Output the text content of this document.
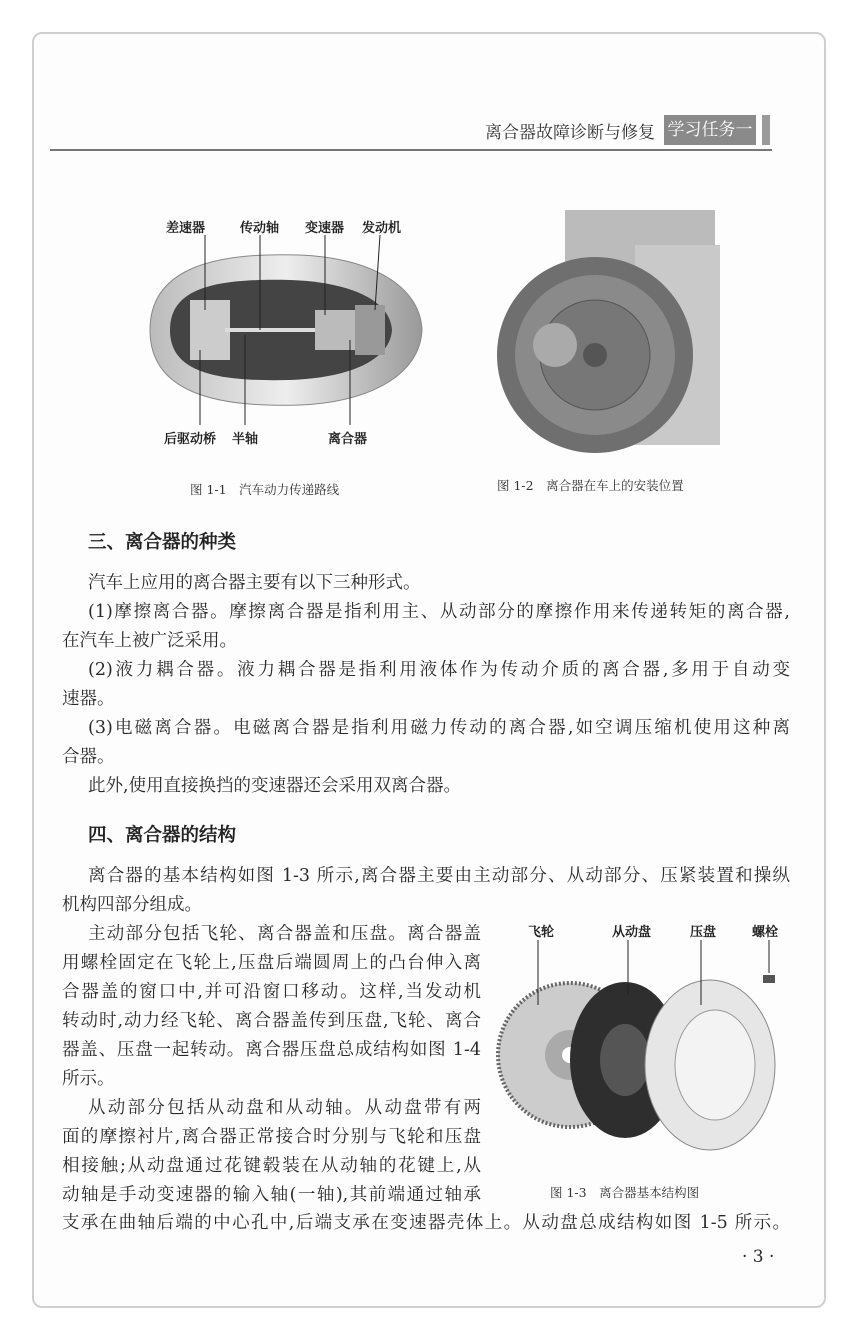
离合器故障诊断与修复 学习任务一
差速器	传动轴 变速器 发动机
后驱动桥 半轴	离合器
图 1-1　汽车动力传递路线	图 1-2　离合器在车上的安装位置
三、离合器的种类
汽车上应用的离合器主要有以下三种形式。
(1)摩擦离合器。摩擦离合器是指利用主、从动部分的摩擦作用来传递转矩的离合器,
在汽车上被广泛采用。
(2)液力耦合器。液力耦合器是指利用液体作为传动介质的离合器,多用于自动变
速器。
(3)电磁离合器。电磁离合器是指利用磁力传动的离合器,如空调压缩机使用这种离
合器。
此外,使用直接换挡的变速器还会采用双离合器。
四、离合器的结构
离合器的基本结构如图 1-3 所示,离合器主要由主动部分、从动部分、压紧装置和操纵
机构四部分组成。
主动部分包括飞轮、离合器盖和压盘。离合器盖
用螺栓固定在飞轮上,压盘后端圆周上的凸台伸入离
合器盖的窗口中,并可沿窗口移动。这样,当发动机
转动时,动力经飞轮、离合器盖传到压盘,飞轮、离合
器盖、压盘一起转动。离合器压盘总成结构如图 1-4
所示。
从动部分包括从动盘和从动轴。从动盘带有两
面的摩擦衬片,离合器正常接合时分别与飞轮和压盘
相接触;从动盘通过花键毂装在从动轴的花键上,从
动轴是手动变速器的输入轴(一轴),其前端通过轴承
支承在曲轴后端的中心孔中,后端支承在变速器壳体上。从动盘总成结构如图 1-5 所示。
飞轮	从动盘	压盘	螺栓
图 1-3　离合器基本结构图
· 3 ·
